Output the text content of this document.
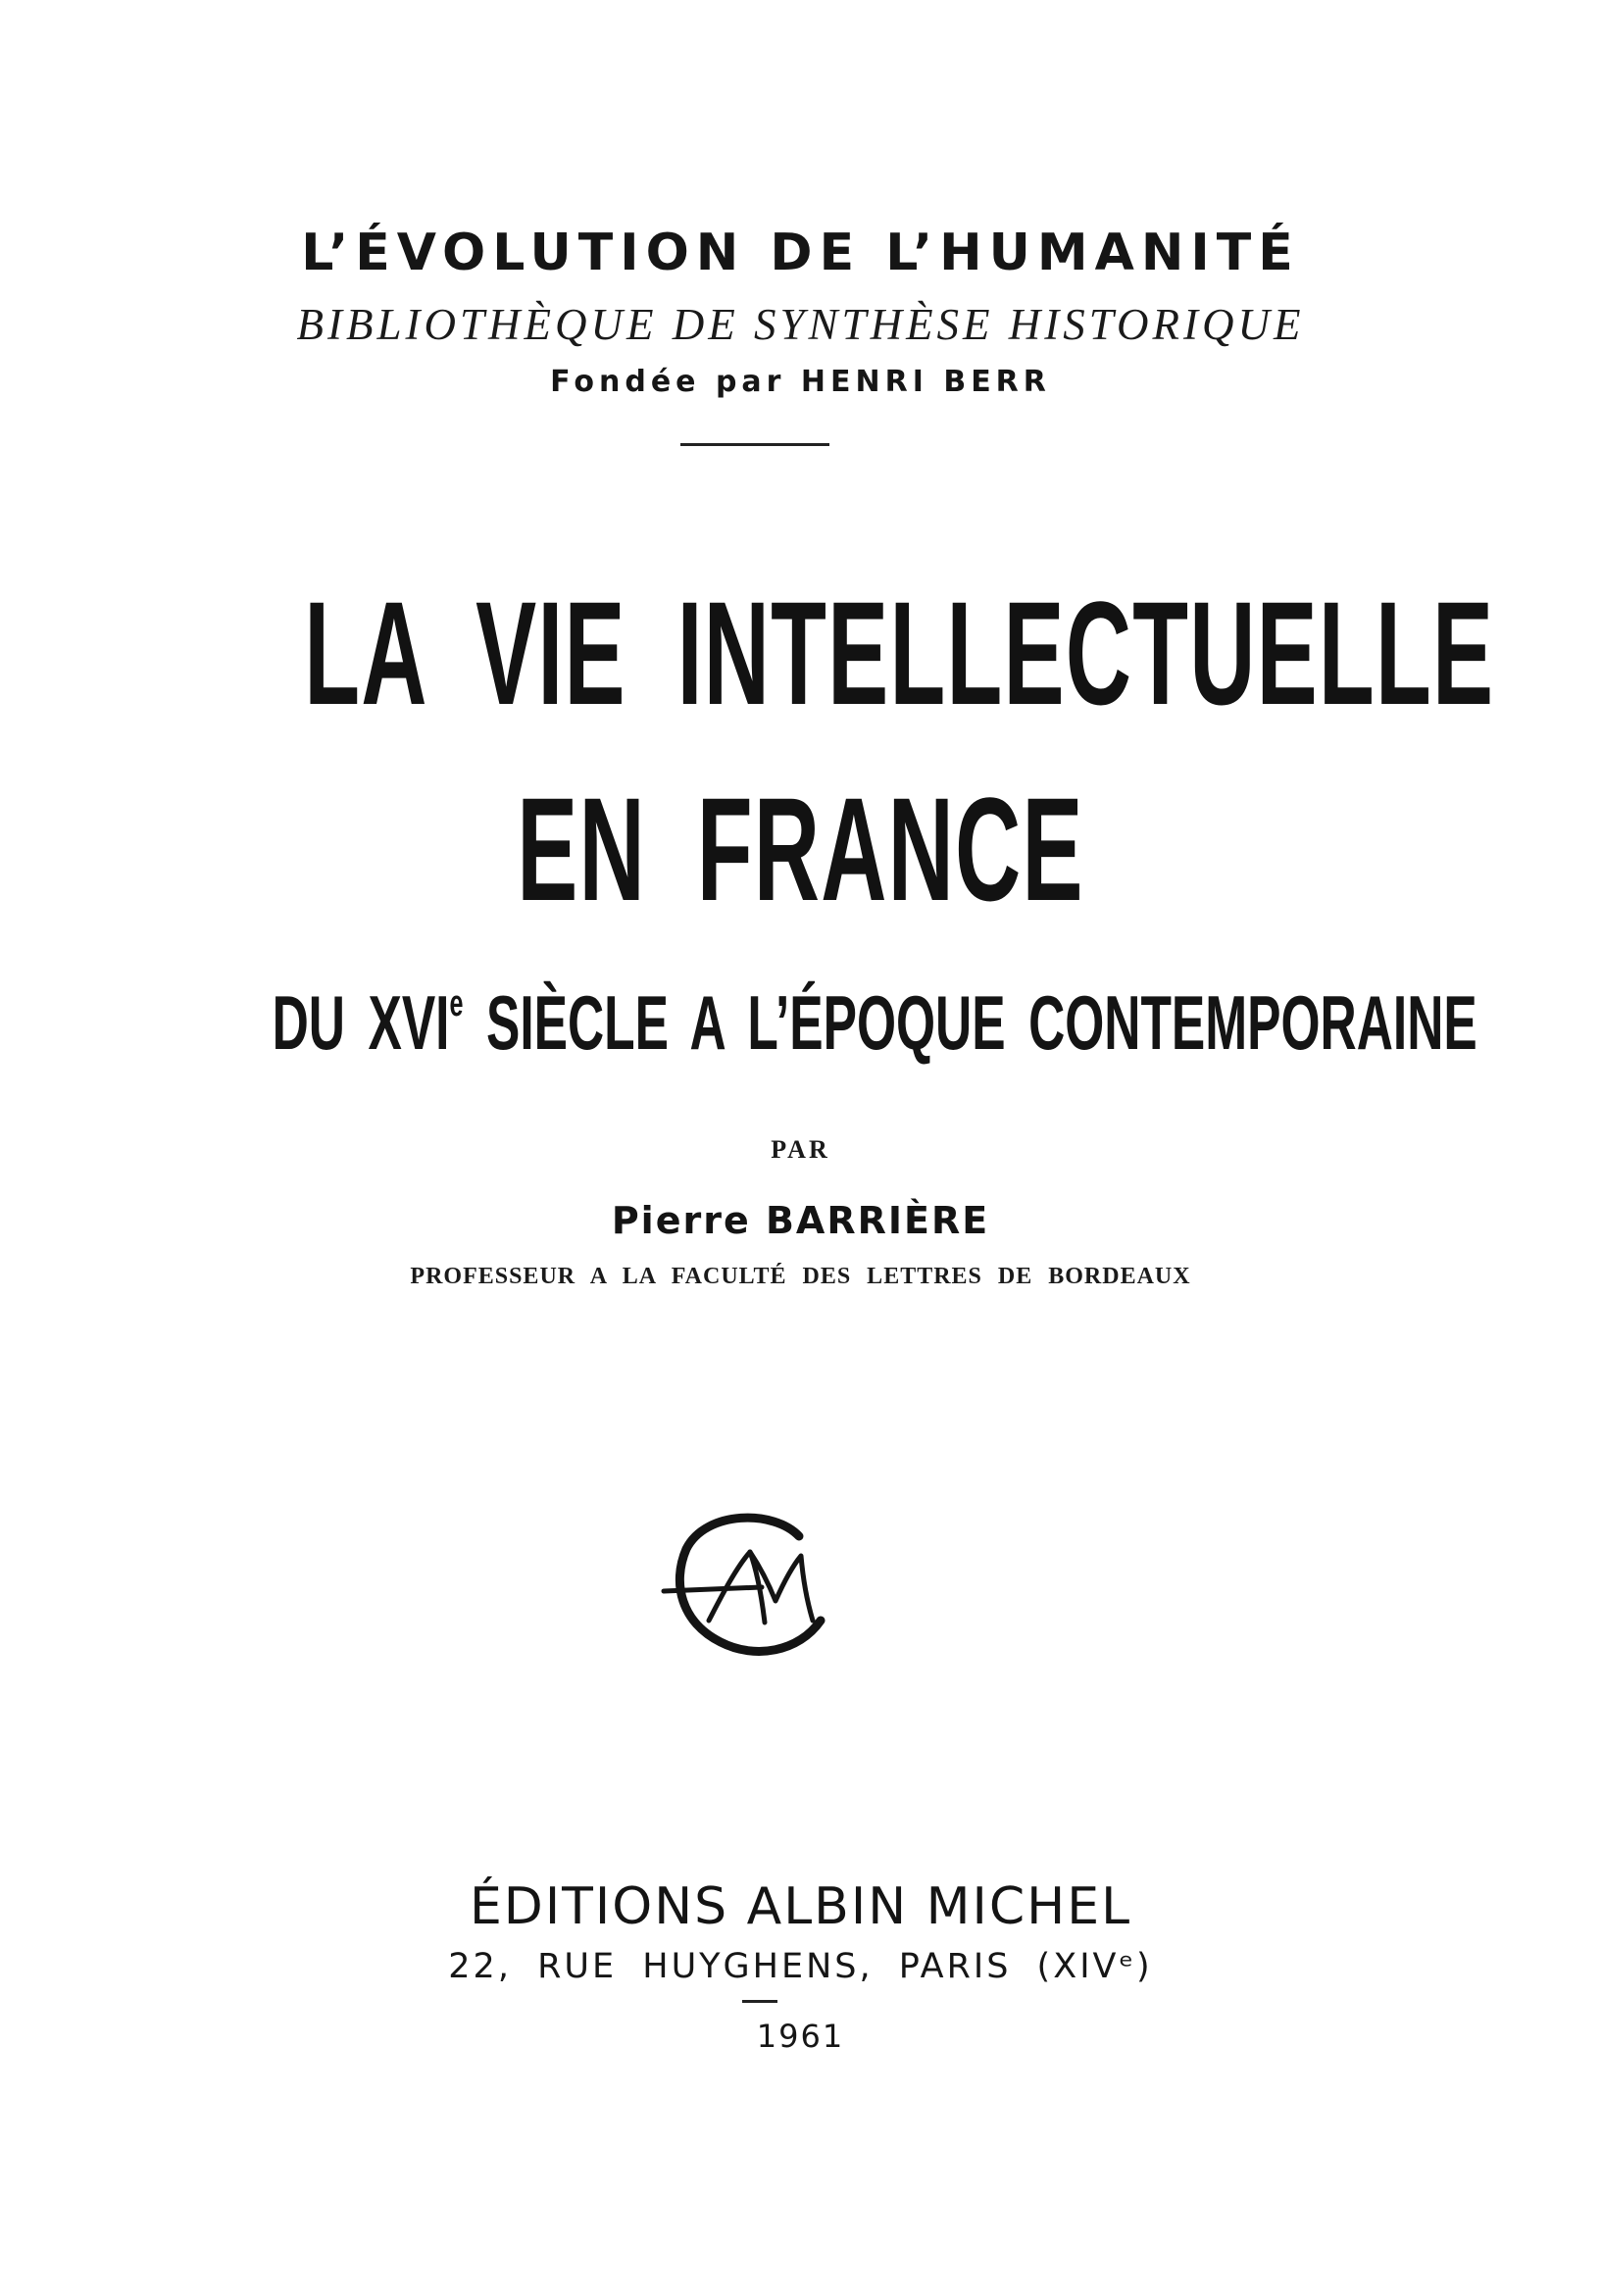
L’ÉVOLUTION DE L’HUMANITÉ

BIBLIOTHÈQUE DE SYNTHÈSE HISTORIQUE

Fondée par HENRI BERR

LA VIE INTELLECTUELLE

EN FRANCE

DU XVIe SIÈCLE A L’ÉPOQUE CONTEMPORAINE

PAR

Pierre BARRIÈRE

PROFESSEUR A LA FACULTÉ DES LETTRES DE BORDEAUX

ÉDITIONS ALBIN MICHEL

22, RUE HUYGHENS, PARIS (XIVᵉ)

1961
